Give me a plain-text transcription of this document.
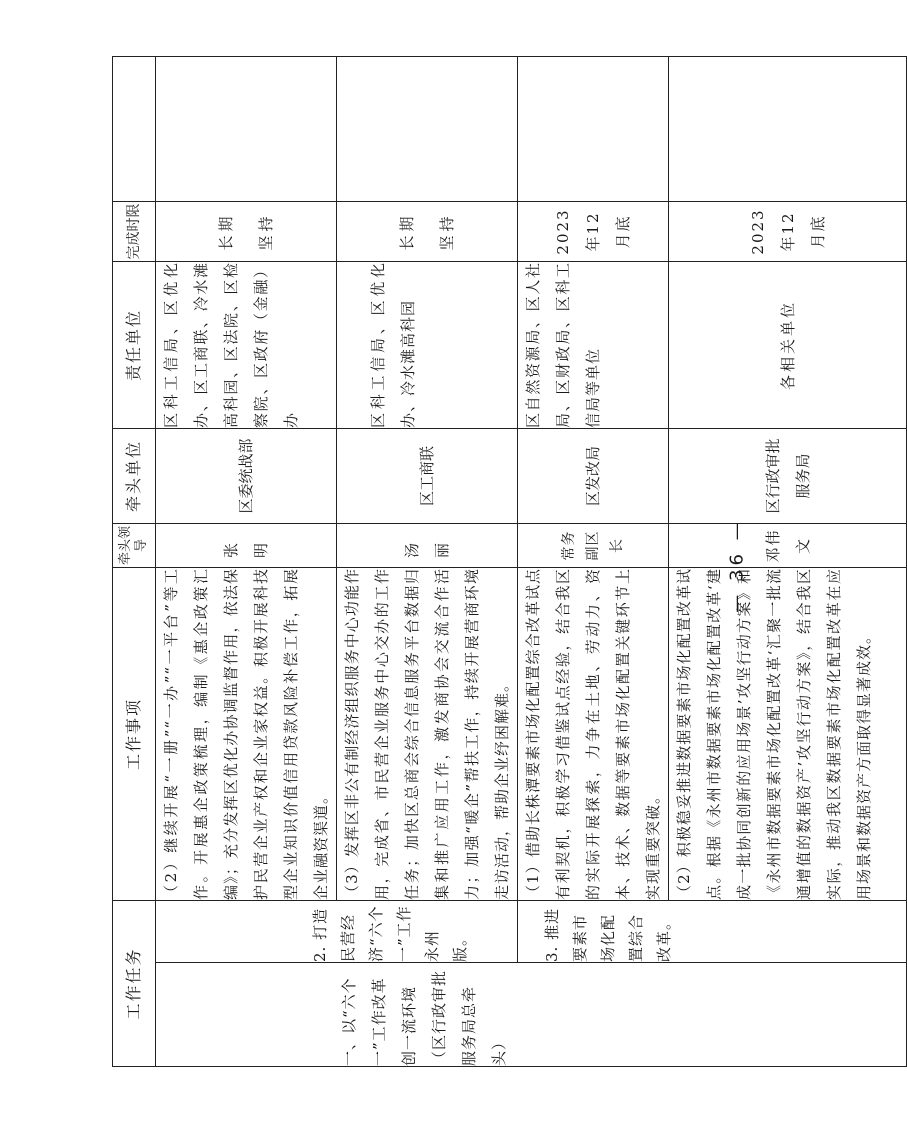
工作任务		工作事项	牵头领导	牵头单位	责任单位	完成时限	
一、以“六个一”工作改革创一流环境（区行政审批服务局总牵头）	2. 打造民营经济“六个一”工作永州版。	（2）继续开展“一册”“一办”“一平台”等工作。开展惠企政策梳理，编制《惠企政策汇编》；充分发挥区优化办协调监督作用，依法保护民营企业产权和企业家权益。积极开展科技型企业知识价值信用贷款风险补偿工作，拓展企业融资渠道。	张明	区委统战部	区科工信局、区优化办、区工商联、冷水滩高科园、区法院、区检察院、区政府（金融）办	长期坚持	
		（3）发挥区非公有制经济组织服务中心功能作用，完成省、市民营企业服务中心交办的工作任务；加快区总商会综合信息服务平台数据归集和推广应用工作，激发商协会交流合作活力；加强“暖企”帮扶工作，持续开展营商环境走访活动，帮助企业纾困解难。	汤丽	区工商联	区科工信局、区优化办、冷水滩高科园	长期坚持	
	3. 推进要素市场化配置综合改革。	（1）借助长株潭要素市场化配置综合改革试点有利契机，积极学习借鉴试点经验，结合我区的实际开展探索，力争在土地、劳动力、资本、技术、数据等要素市场化配置关键环节上实现重要突破。	常务副区长	区发改局	区自然资源局、区人社局、区财政局、区科工信局等单位	2023年12月底	
		（2）积极稳妥推进数据要素市场化配置改革试点。根据《永州市数据要素市场化配置改革‘建成一批协同创新的应用场景’攻坚行动方案》和《永州市数据要素市场化配置改革‘汇聚一批流通增值的数据资产’攻坚行动方案》，结合我区实际，推动我区数据要素市场化配置改革在应用场景和数据资产方面取得显著成效。	邓伟文	区行政审批服务局	各相关单位	2023年12月底	
— 36 —
